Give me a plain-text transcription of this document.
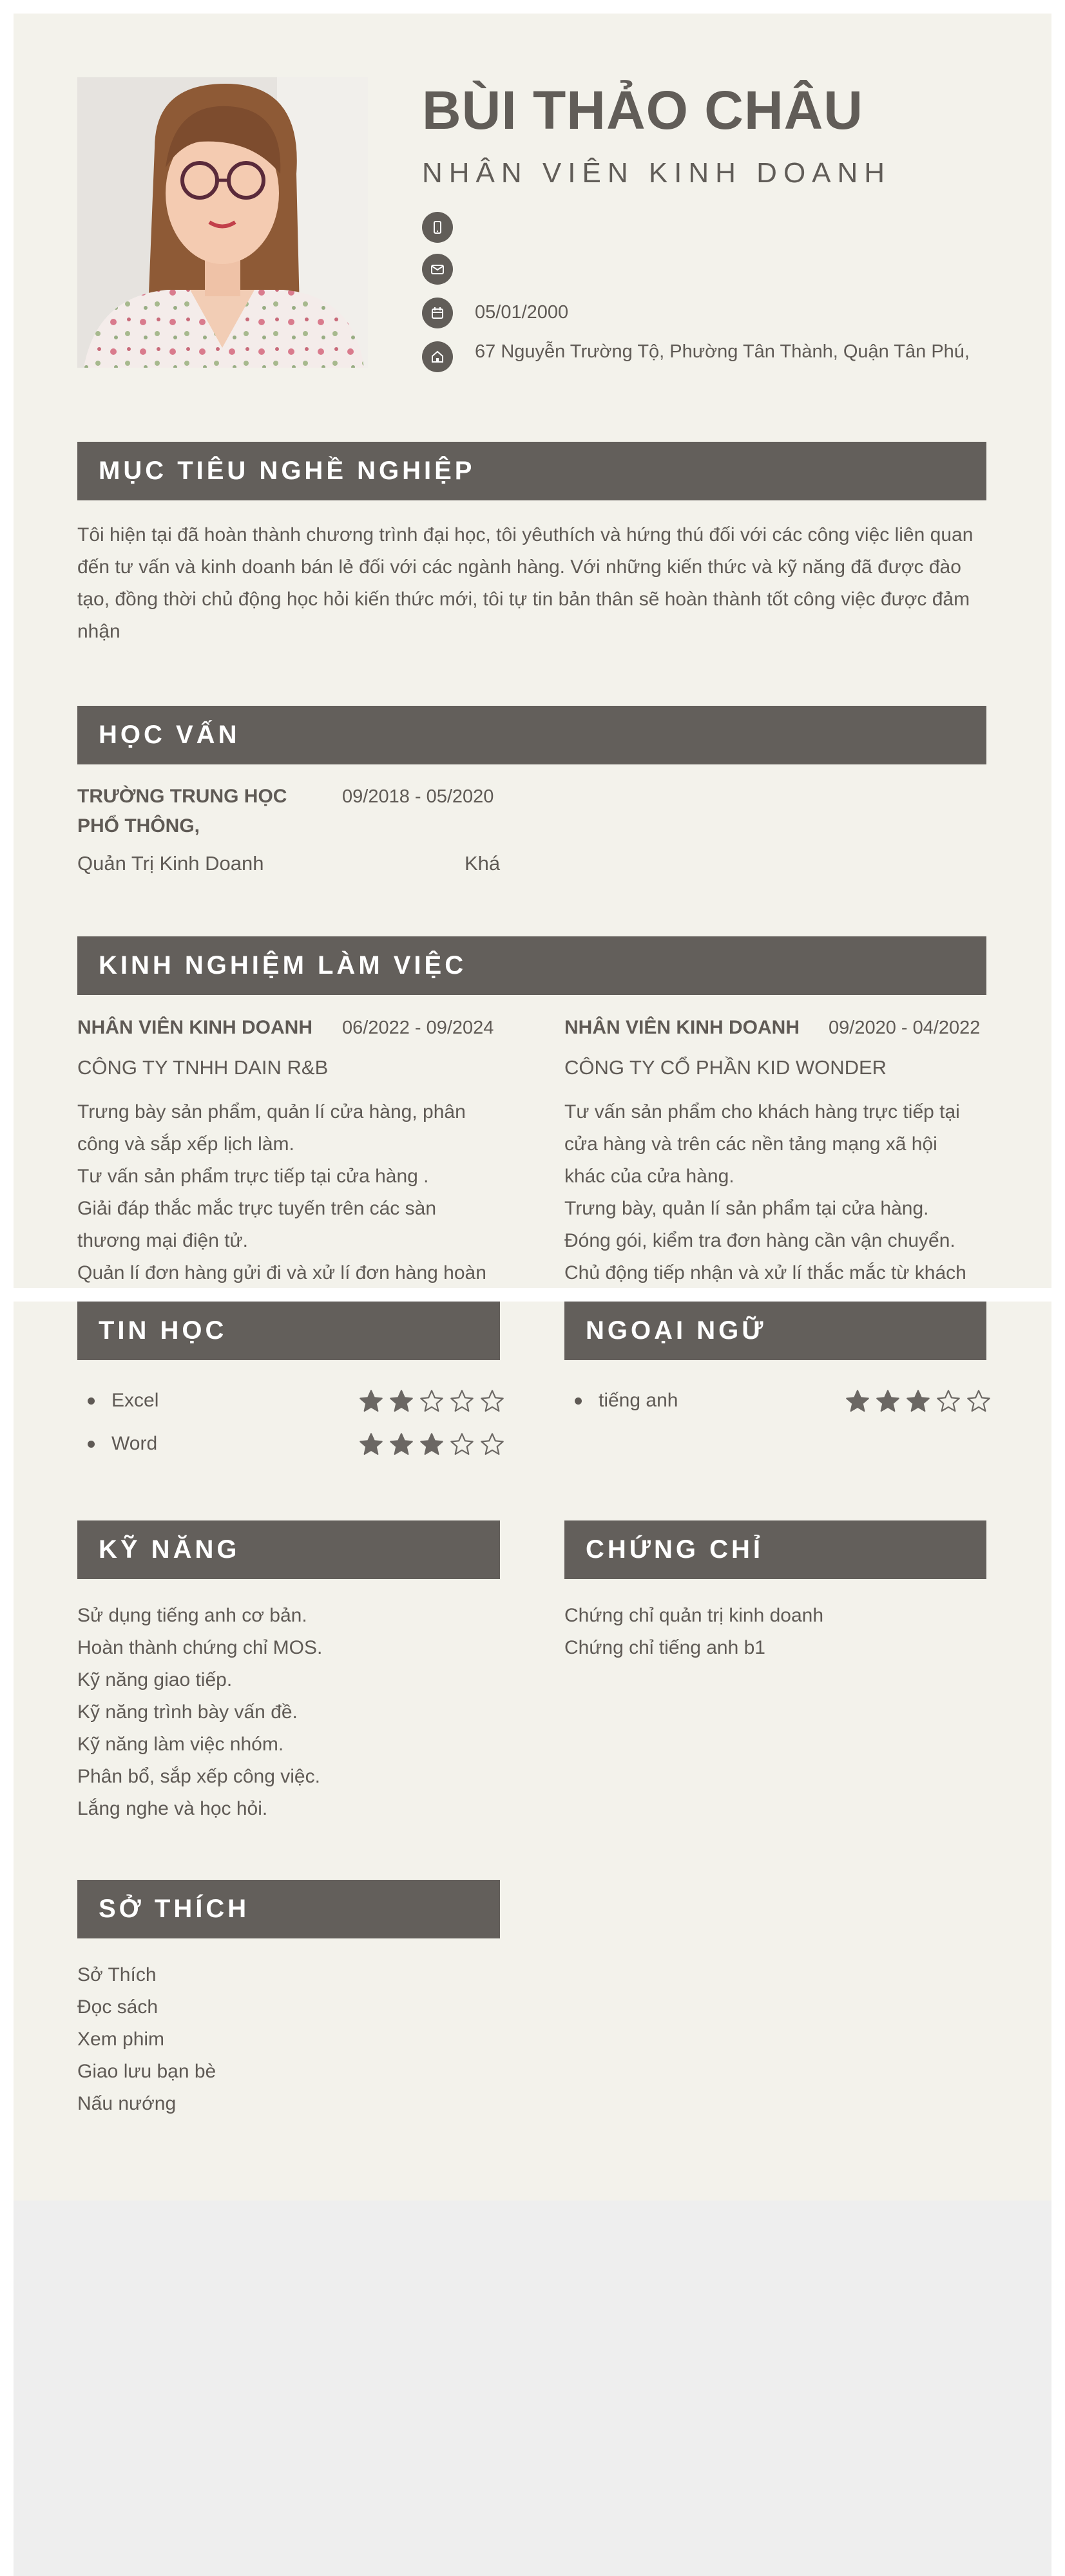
BÙI THẢO CHÂU
NHÂN VIÊN KINH DOANH
05/01/2000
67 Nguyễn Trường Tộ, Phường Tân Thành, Quận Tân Phú,
MỤC TIÊU NGHỀ NGHIỆP
Tôi hiện tại đã hoàn thành chương trình đại học, tôi yêuthích và hứng thú đối với các công việc liên quan đến tư vấn và kinh doanh bán lẻ đối với các ngành hàng. Với những kiến thức và kỹ năng đã được đào tạo, đồng thời chủ động học hỏi kiến thức mới, tôi tự tin bản thân sẽ hoàn thành tốt công việc được đảm nhận
HỌC VẤN
TRƯỜNG TRUNG HỌC PHỔ THÔNG,
09/2018 - 05/2020
Quản Trị Kinh Doanh	Khá
KINH NGHIỆM LÀM VIỆC
NHÂN VIÊN KINH DOANH 06/2022 - 09/2024
CÔNG TY TNHH DAIN R&B
Trưng bày sản phẩm, quản lí cửa hàng, phân
công và sắp xếp lịch làm.
Tư vấn sản phẩm trực tiếp tại cửa hàng .
Giải đáp thắc mắc trực tuyến trên các sàn
thương mại điện tử.
Quản lí đơn hàng gửi đi và xử lí đơn hàng hoàn
NHÂN VIÊN KINH DOANH 09/2020 - 04/2022
CÔNG TY CỔ PHẦN KID WONDER
Tư vấn sản phẩm cho khách hàng trực tiếp tại
cửa hàng và trên các nền tảng mạng xã hội
khác của cửa hàng.
Trưng bày, quản lí sản phẩm tại cửa hàng.
Đóng gói, kiểm tra đơn hàng cần vận chuyển.
Chủ động tiếp nhận và xử lí thắc mắc từ khách
TIN HỌC	NGOẠI NGỮ
Excel
Word
tiếng anh
KỸ NĂNG
Sử dụng tiếng anh cơ bản.
Hoàn thành chứng chỉ MOS.
Kỹ năng giao tiếp.
Kỹ năng trình bày vấn đề.
Kỹ năng làm việc nhóm.
Phân bổ, sắp xếp công việc.
Lắng nghe và học hỏi.
CHỨNG CHỈ
Chứng chỉ quản trị kinh doanh
Chứng chỉ tiếng anh b1
SỞ THÍCH
Sở Thích
Đọc sách
Xem phim
Giao lưu bạn bè
Nấu nướng
